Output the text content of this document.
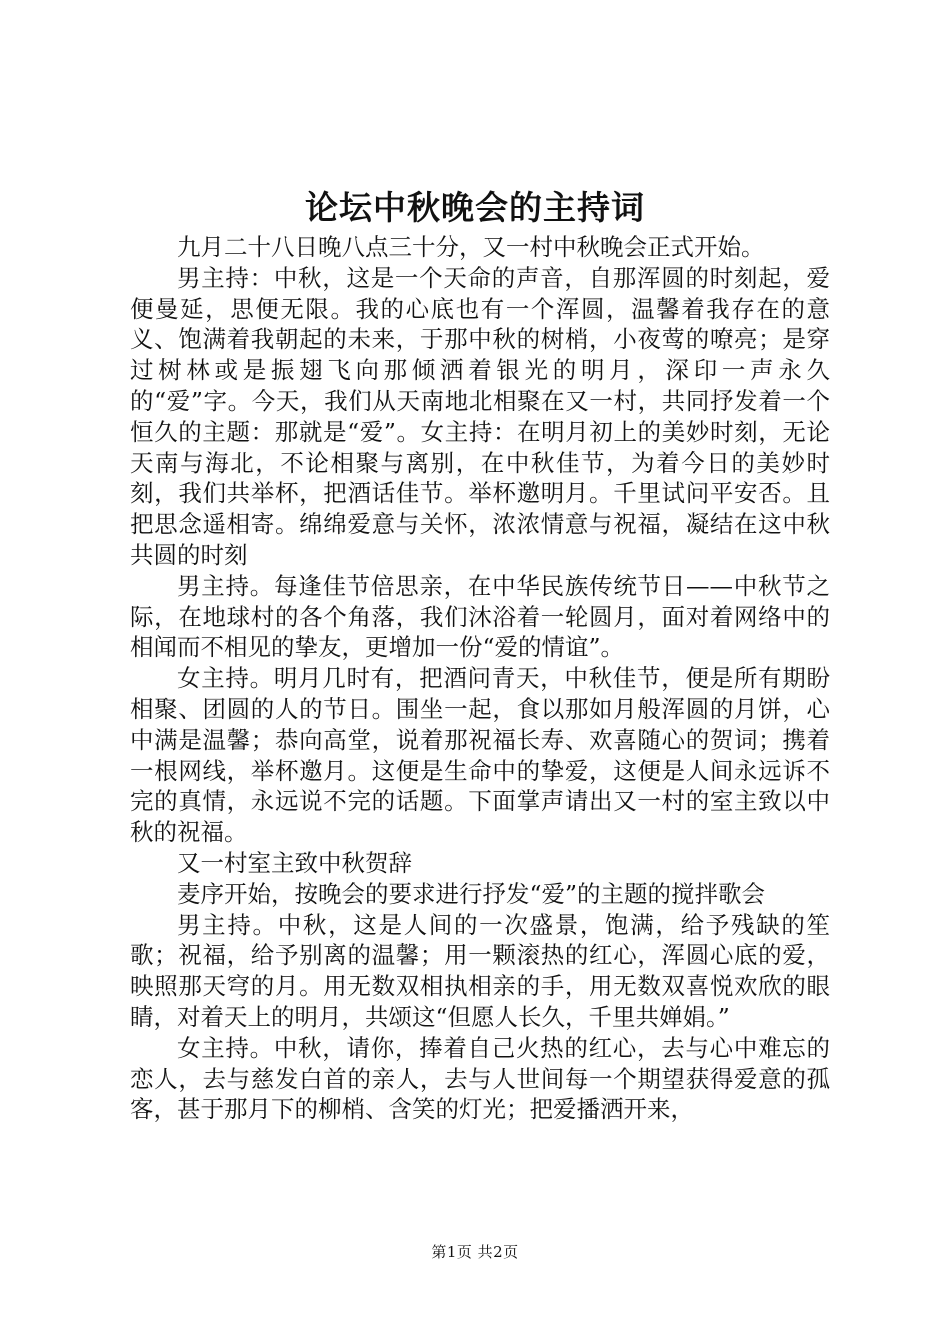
论坛中秋晚会的主持词

九月二十八日晚八点三十分，又一村中秋晚会正式开始。

男主持：中秋，这是一个天命的声音，自那浑圆的时刻起，爱便曼延，思便无限。我的心底也有一个浑圆，温馨着我存在的意义、饱满着我朝起的未来，于那中秋的树梢，小夜莺的嘹亮；是穿过树林或是振翅飞向那倾洒着银光的明月，深印一声永久的“爱”字。今天，我们从天南地北相聚在又一村，共同抒发着一个恒久的主题：那就是“爱”。女主持：在明月初上的美妙时刻，无论天南与海北，不论相聚与离别，在中秋佳节，为着今日的美妙时刻，我们共举杯，把酒话佳节。举杯邀明月。千里试问平安否。且把思念遥相寄。绵绵爱意与关怀，浓浓情意与祝福，凝结在这中秋共圆的时刻

男主持。每逢佳节倍思亲，在中华民族传统节日——中秋节之际，在地球村的各个角落，我们沐浴着一轮圆月，面对着网络中的相闻而不相见的挚友，更增加一份“爱的情谊”。

女主持。明月几时有，把酒问青天，中秋佳节，便是所有期盼相聚、团圆的人的节日。围坐一起，食以那如月般浑圆的月饼，心中满是温馨；恭向高堂，说着那祝福长寿、欢喜随心的贺词；携着一根网线，举杯邀月。这便是生命中的挚爱，这便是人间永远诉不完的真情，永远说不完的话题。下面掌声请出又一村的室主致以中秋的祝福。

又一村室主致中秋贺辞

麦序开始，按晚会的要求进行抒发“爱”的主题的搅拌歌会

男主持。中秋，这是人间的一次盛景，饱满，给予残缺的笙歌；祝福，给予别离的温馨；用一颗滚热的红心，浑圆心底的爱，映照那天穹的月。用无数双相执相亲的手，用无数双喜悦欢欣的眼睛，对着天上的明月，共颂这“但愿人长久，千里共婵娟。”

女主持。中秋，请你，捧着自己火热的红心，去与心中难忘的恋人，去与慈发白首的亲人，去与人世间每一个期望获得爱意的孤客，甚于那月下的柳梢、含笑的灯光；把爱播洒开来，

第1页 共2页
